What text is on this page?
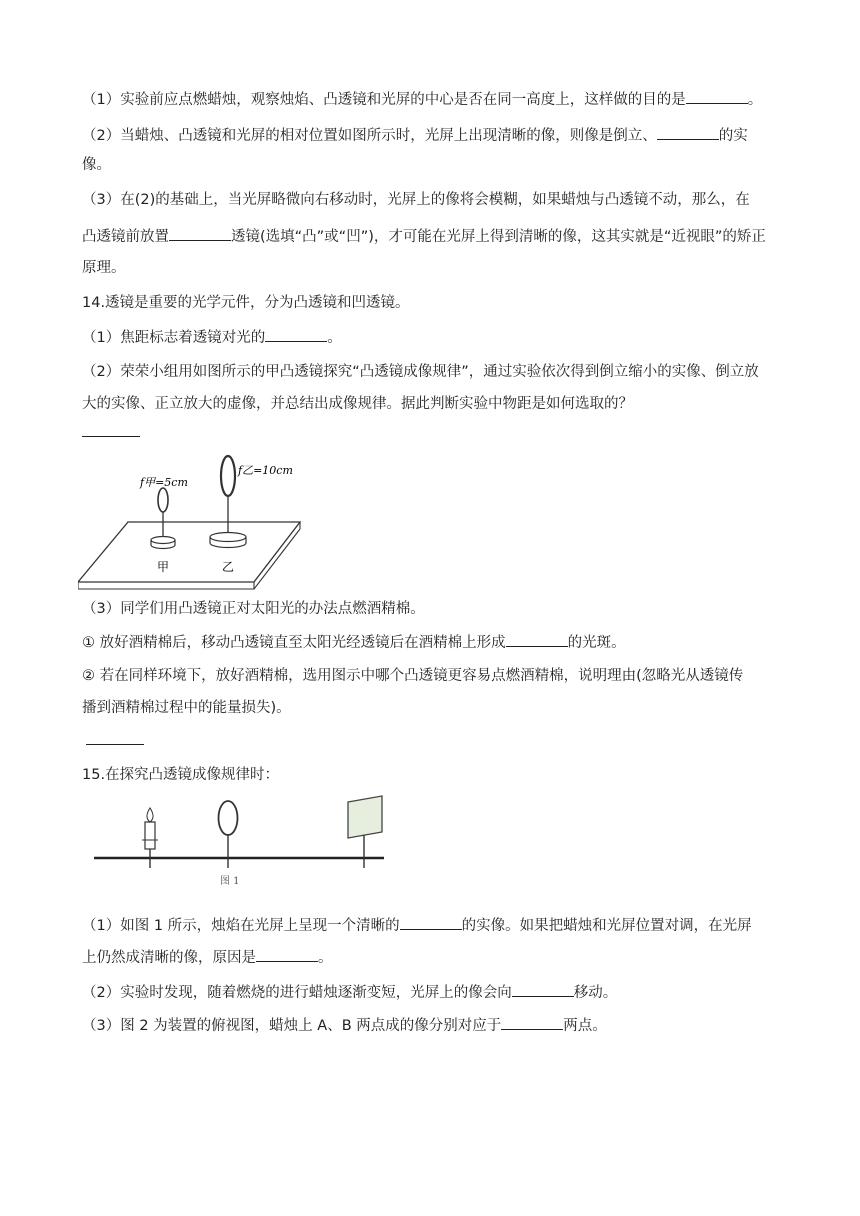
（1）实验前应点燃蜡烛，观察烛焰、凸透镜和光屏的中心是否在同一高度上，这样做的目的是	。
（2）当蜡烛、凸透镜和光屏的相对位置如图所示时，光屏上出现清晰的像，则像是倒立、	的实
像。
（3）在(2)的基础上，当光屏略微向右移动时，光屏上的像将会模糊，如果蜡烛与凸透镜不动，那么，在
凸透镜前放置	透镜(选填“凸”或“凹”)，才可能在光屏上得到清晰的像，这其实就是“近视眼”的矫正
原理。
14.透镜是重要的光学元件，分为凸透镜和凹透镜。
（1）焦距标志着透镜对光的	。
（2）荣荣小组用如图所示的甲凸透镜探究“凸透镜成像规律”，通过实验依次得到倒立缩小的实像、倒立放
大的实像、正立放大的虚像，并总结出成像规律。据此判断实验中物距是如何选取的？
f甲=5cm
f乙=10cm
甲	乙
（3）同学们用凸透镜正对太阳光的办法点燃酒精棉。
① 放好酒精棉后，移动凸透镜直至太阳光经透镜后在酒精棉上形成	的光斑。
② 若在同样环境下，放好酒精棉，选用图示中哪个凸透镜更容易点燃酒精棉，说明理由(忽略光从透镜传
播到酒精棉过程中的能量损失)。
15.在探究凸透镜成像规律时：
图 1
（1）如图 1 所示，烛焰在光屏上呈现一个清晰的	的实像。如果把蜡烛和光屏位置对调，在光屏
上仍然成清晰的像，原因是	。
（2）实验时发现，随着燃烧的进行蜡烛逐渐变短，光屏上的像会向	移动。
（3）图 2 为装置的俯视图，蜡烛上 A、B 两点成的像分别对应于	两点。
